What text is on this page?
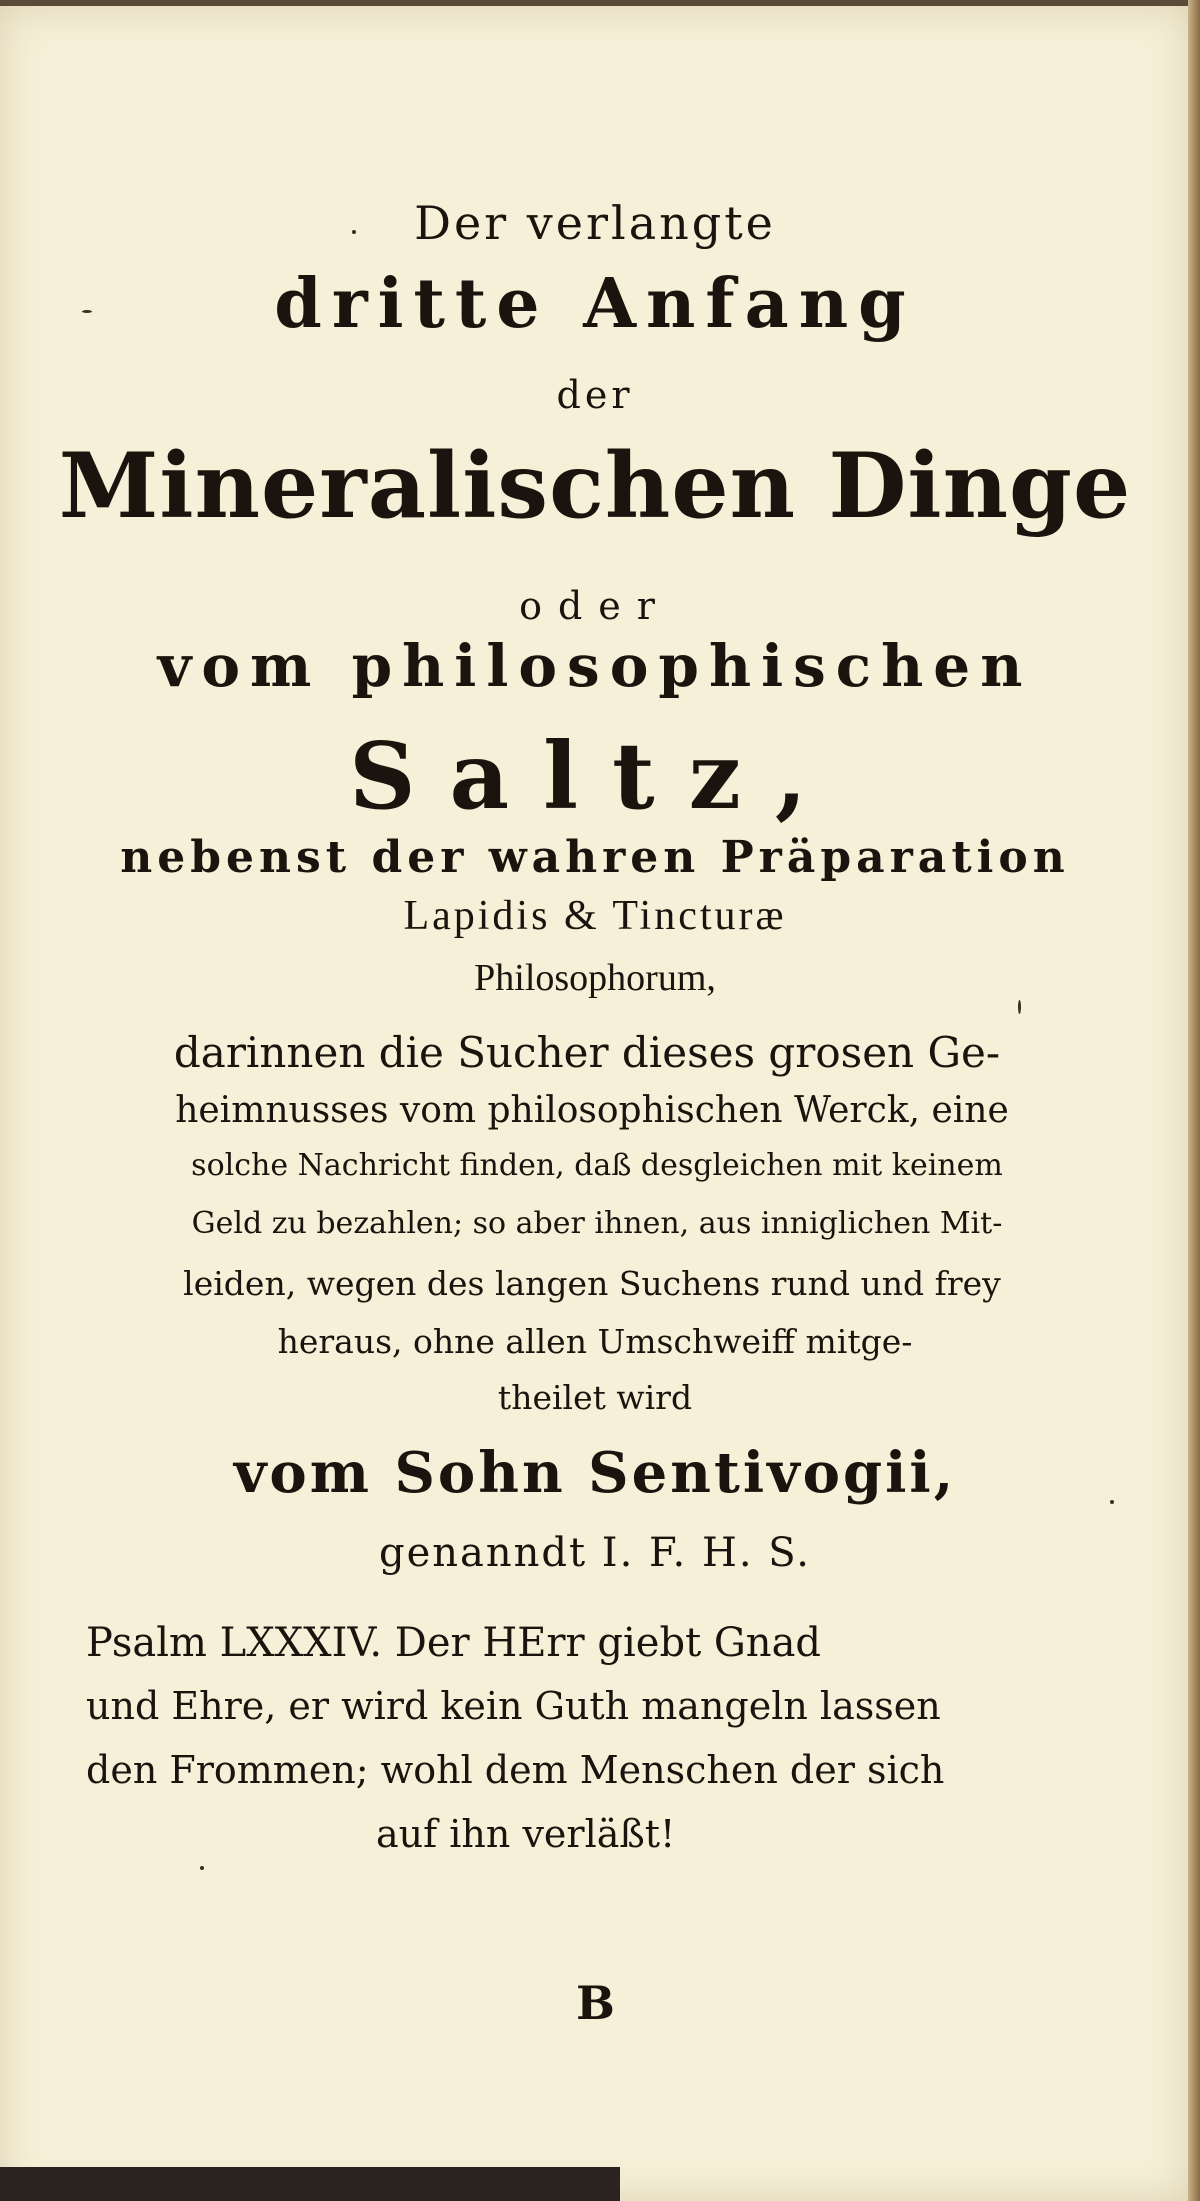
Der verlangte
dritte Anfang
der
Mineralischen Dinge
oder
vom philosophischen
Saltz,
nebenst der wahren Präparation
Lapidis & Tincturæ
Philosophorum,
darinnen die Sucher dieses grosen Ge-
heimnusses vom philosophischen Werck, eine
solche Nachricht finden, daß desgleichen mit keinem
Geld zu bezahlen; so aber ihnen, aus inniglichen Mit-
leiden, wegen des langen Suchens rund und frey
heraus, ohne allen Umschweiff mitge-
theilet wird
vom Sohn Sentivogii,
genanndt I. F. H. S.
Psalm LXXXIV. Der HErr giebt Gnad
und Ehre, er wird kein Guth mangeln lassen
den Frommen; wohl dem Menschen der sich
auf ihn verläßt!
B
